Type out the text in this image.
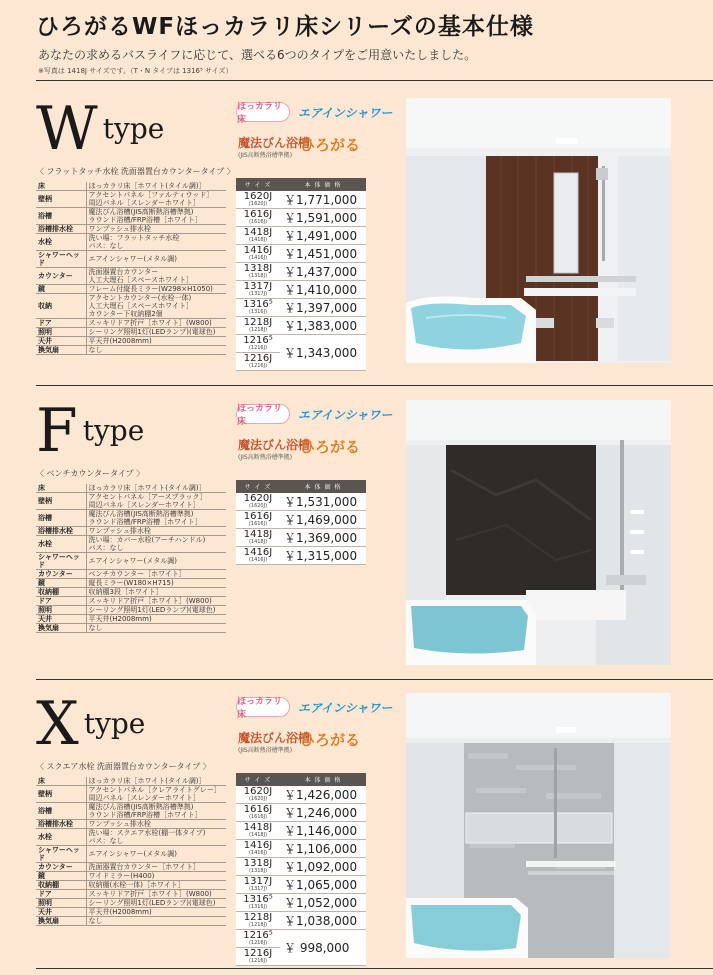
ひろがるWFほっカラリ床シリーズの基本仕様
あなたの求めるバスライフに応じて、選べる6つのタイプをご用意いたしました。
※写真は 1418J サイズです。（T・N タイプは 1316⁵ サイズ）
W type
〈 フラットタッチ水栓 洗面器置台カウンタータイプ 〉
ほっカラリ床
エアインシャワー
魔法びん浴槽
(JIS高断熱浴槽準拠)
ひろがる
床	ほっカラリ床［ホワイト(タイル調)］
壁柄	アクセントパネル［ファルティウッド］
周辺パネル［スレンダーホワイト］
浴槽	魔法びん浴槽(JIS高断熱浴槽準拠)
ラウンド浴槽/FRP浴槽［ホワイト］
浴槽排水栓	ワンプッシュ排水栓
水栓	洗い場：フラットタッチ水栓
バス：なし
シャワーヘッド	エアインシャワー(メタル調)
カウンター	洗面器置台カウンター
人工大理石［スペースホワイト］
鏡	フレーム付縦長ミラー(W298×H1050)
収納	アクセントカウンター(水栓一体)
人工大理石［スペースホワイト］
カウンター下収納棚2個
ドア	スッキリドア折戸［ホワイト］(W800)
照明	シーリング照明1灯(LEDランプ)(電球色)
天井	平天井(H2008mm)
換気扇	なし
サ イ ズ	本 体 価 格
1620J
(1620J)	￥1,771,000
1616J
(1616J)	￥1,591,000
1418J
(1418J)	￥1,491,000
1416J
(1416J)	￥1,451,000
1318J
(1318J)	￥1,437,000
1317J
(1317J)	￥1,410,000
1316⁵
(1316J)	￥1,397,000
1218J
(1218J)	￥1,383,000
1216⁵
(1216J)	￥1,343,000
1216J
(1216J)	
F type
〈 ベンチカウンタータイプ 〉
ほっカラリ床
エアインシャワー
魔法びん浴槽
(JIS高断熱浴槽準拠)
ひろがる
床	ほっカラリ床［ホワイト(タイル調)］
壁柄	アクセントパネル［アースブラック］
周辺パネル［スレンダーホワイト］
浴槽	魔法びん浴槽(JIS高断熱浴槽準拠)
ラウンド浴槽/FRP浴槽［ホワイト］
浴槽排水栓	ワンプッシュ排水栓
水栓	洗い場：カバー水栓(アーチハンドル)
バス：なし
シャワーヘッド	エアインシャワー(メタル調)
カウンター	ベンチカウンター［ホワイト］
鏡	縦長ミラー(W180×H715)
収納棚	収納棚3段［ホワイト］
ドア	スッキリドア折戸［ホワイト］(W800)
照明	シーリング照明1灯(LEDランプ)(電球色)
天井	平天井(H2008mm)
換気扇	なし
サ イ ズ	本 体 価 格
1620J
(1620J)	￥1,531,000
1616J
(1616J)	￥1,469,000
1418J
(1418J)	￥1,369,000
1416J
(1416J)	￥1,315,000
X type
〈 スクエア水栓 洗面器置台カウンタータイプ 〉
ほっカラリ床
エアインシャワー
魔法びん浴槽
(JIS高断熱浴槽準拠)
ひろがる
床	ほっカラリ床［ホワイト(タイル調)］
壁柄	アクセントパネル［クレアライトグレー］
周辺パネル［スレンダーホワイト］
浴槽	魔法びん浴槽(JIS高断熱浴槽準拠)
ラウンド浴槽/FRP浴槽［ホワイト］
浴槽排水栓	ワンプッシュ排水栓
水栓	洗い場：スクエア水栓(棚一体タイプ)
バス：なし
シャワーヘッド	エアインシャワー(メタル調)
カウンター	洗面器置台カウンター［ホワイト］
鏡	ワイドミラー(H400)
収納棚	収納棚(水栓一体)［ホワイト］
ドア	スッキリドア折戸［ホワイト］(W800)
照明	シーリング照明1灯(LEDランプ)(電球色)
天井	平天井(H2008mm)
換気扇	なし
サ イ ズ	本 体 価 格
1620J
(1620J)	￥1,426,000
1616J
(1616J)	￥1,246,000
1418J
(1418J)	￥1,146,000
1416J
(1416J)	￥1,106,000
1318J
(1318J)	￥1,092,000
1317J
(1317J)	￥1,065,000
1316⁵
(1316J)	￥1,052,000
1218J
(1218J)	￥1,038,000
1216⁵
(1216J)	￥ 998,000
1216J
(1216J)	
